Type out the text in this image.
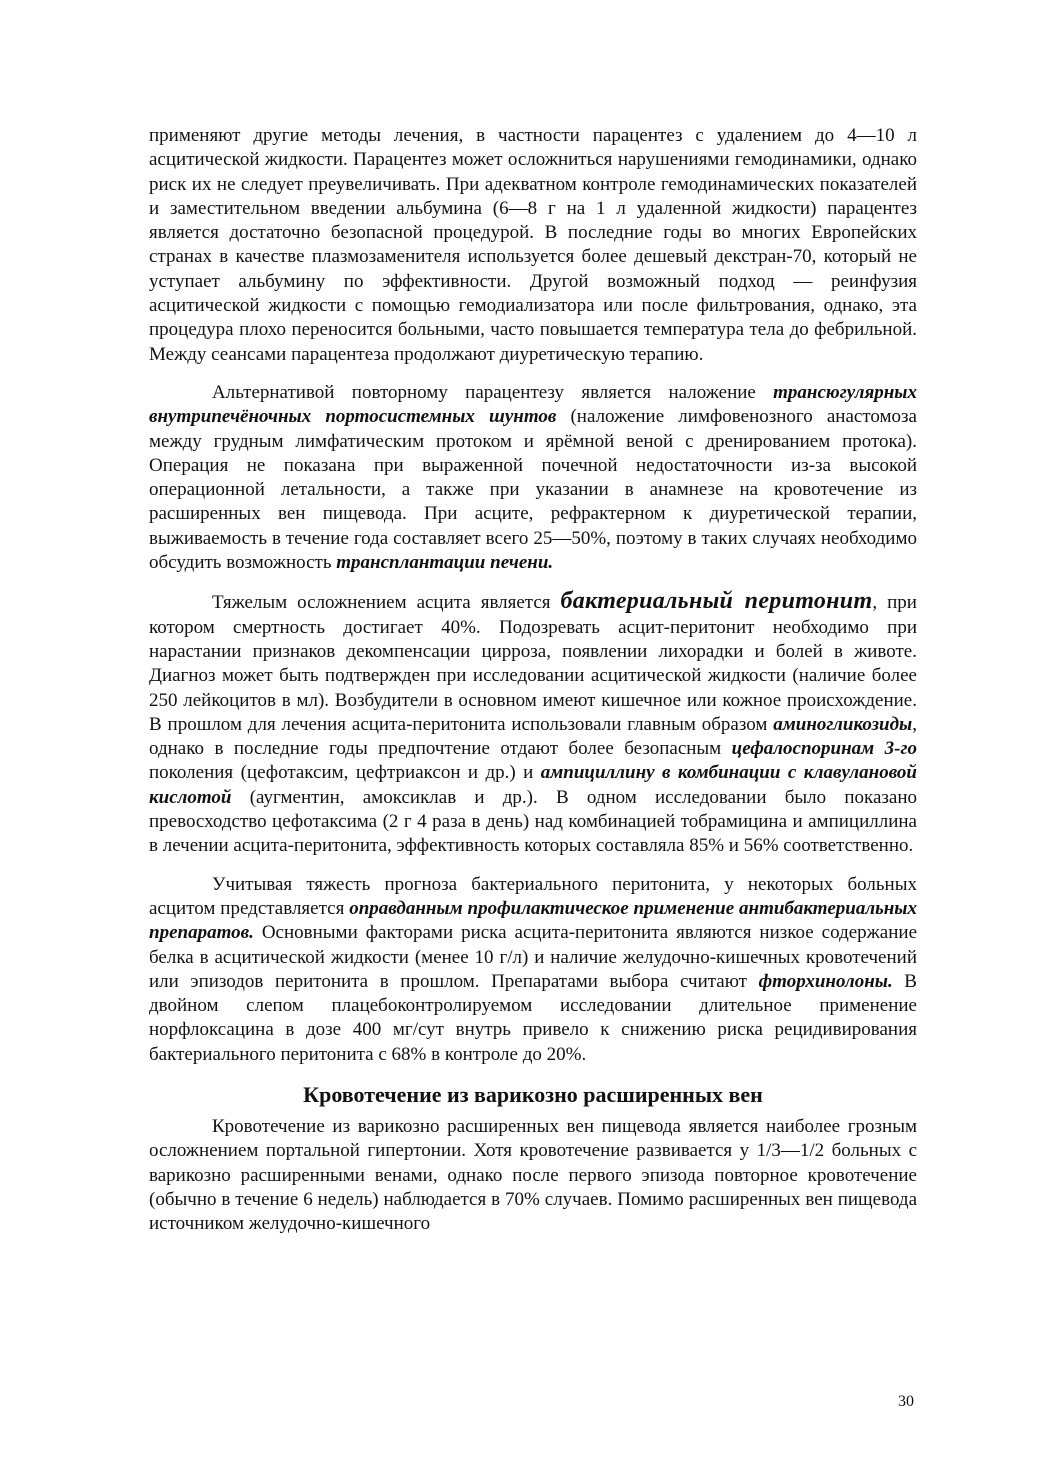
применяют другие методы лечения, в частности парацентез с удалением до 4—10 л асцитической жидкости. Парацентез может осложниться нарушениями гемодинамики, однако риск их не следует преувеличивать. При адекватном контроле гемодинамических показателей и заместительном введении альбумина (6—8 г на 1 л удаленной жидкости) парацентез является достаточно безопасной процедурой. В последние годы во многих Европейских странах в качестве плазмозаменителя используется более дешевый декстран-70, который не уступает альбумину по эффективности. Другой возможный подход — реинфузия асцитической жидкости с помощью гемодиализатора или после фильтрования, однако, эта процедура плохо переносится больными, часто повышается температура тела до фебрильной. Между сеансами парацентеза продолжают диуретическую терапию.

Альтернативой повторному парацентезу является наложение трансюгулярных внутрипечёночных портосистемных шунтов (наложение лимфовенозного анастомоза между грудным лимфатическим протоком и ярёмной веной с дренированием протока). Операция не показана при выраженной почечной недостаточности из-за высокой операционной летальности, а также при указании в анамнезе на кровотечение из расширенных вен пищевода. При асците, рефрактерном к диуретической терапии, выживаемость в течение года составляет всего 25—50%, поэтому в таких случаях необходимо обсудить возможность трансплантации печени.

Тяжелым осложнением асцита является бактериальный перитонит, при котором смертность достигает 40%. Подозревать асцит-перитонит необходимо при нарастании признаков декомпенсации цирроза, появлении лихорадки и болей в животе. Диагноз может быть подтвержден при исследовании асцитической жидкости (наличие более 250 лейкоцитов в мл). Возбудители в основном имеют кишечное или кожное происхождение. В прошлом для лечения асцита-перитонита использовали главным образом аминогликозиды, однако в последние годы предпочтение отдают более безопасным цефалоспоринам 3-го поколения (цефотаксим, цефтриаксон и др.) и ампициллину в комбинации с клавулановой кислотой (аугментин, амоксиклав и др.). В одном исследовании было показано превосходство цефотаксима (2 г 4 раза в день) над комбинацией тобрамицина и ампициллина в лечении асцита-перитонита, эффективность которых составляла 85% и 56% соответственно.

Учитывая тяжесть прогноза бактериального перитонита, у некоторых больных асцитом представляется оправданным профилактическое применение антибактериальных препаратов. Основными факторами риска асцита-перитонита являются низкое содержание белка в асцитической жидкости (менее 10 г/л) и наличие желудочно-кишечных кровотечений или эпизодов перитонита в прошлом. Препаратами выбора считают фторхинолоны. В двойном слепом плацебоконтролируемом исследовании длительное применение норфлоксацина в дозе 400 мг/сут внутрь привело к снижению риска рецидивирования бактериального перитонита с 68% в контроле до 20%.

Кровотечение из варикозно расширенных вен

Кровотечение из варикозно расширенных вен пищевода является наиболее грозным осложнением портальной гипертонии. Хотя кровотечение развивается у 1/3—1/2 больных с варикозно расширенными венами, однако после первого эпизода повторное кровотечение (обычно в течение 6 недель) наблюдается в 70% случаев. Помимо расширенных вен пищевода источником желудочно-кишечного

30
